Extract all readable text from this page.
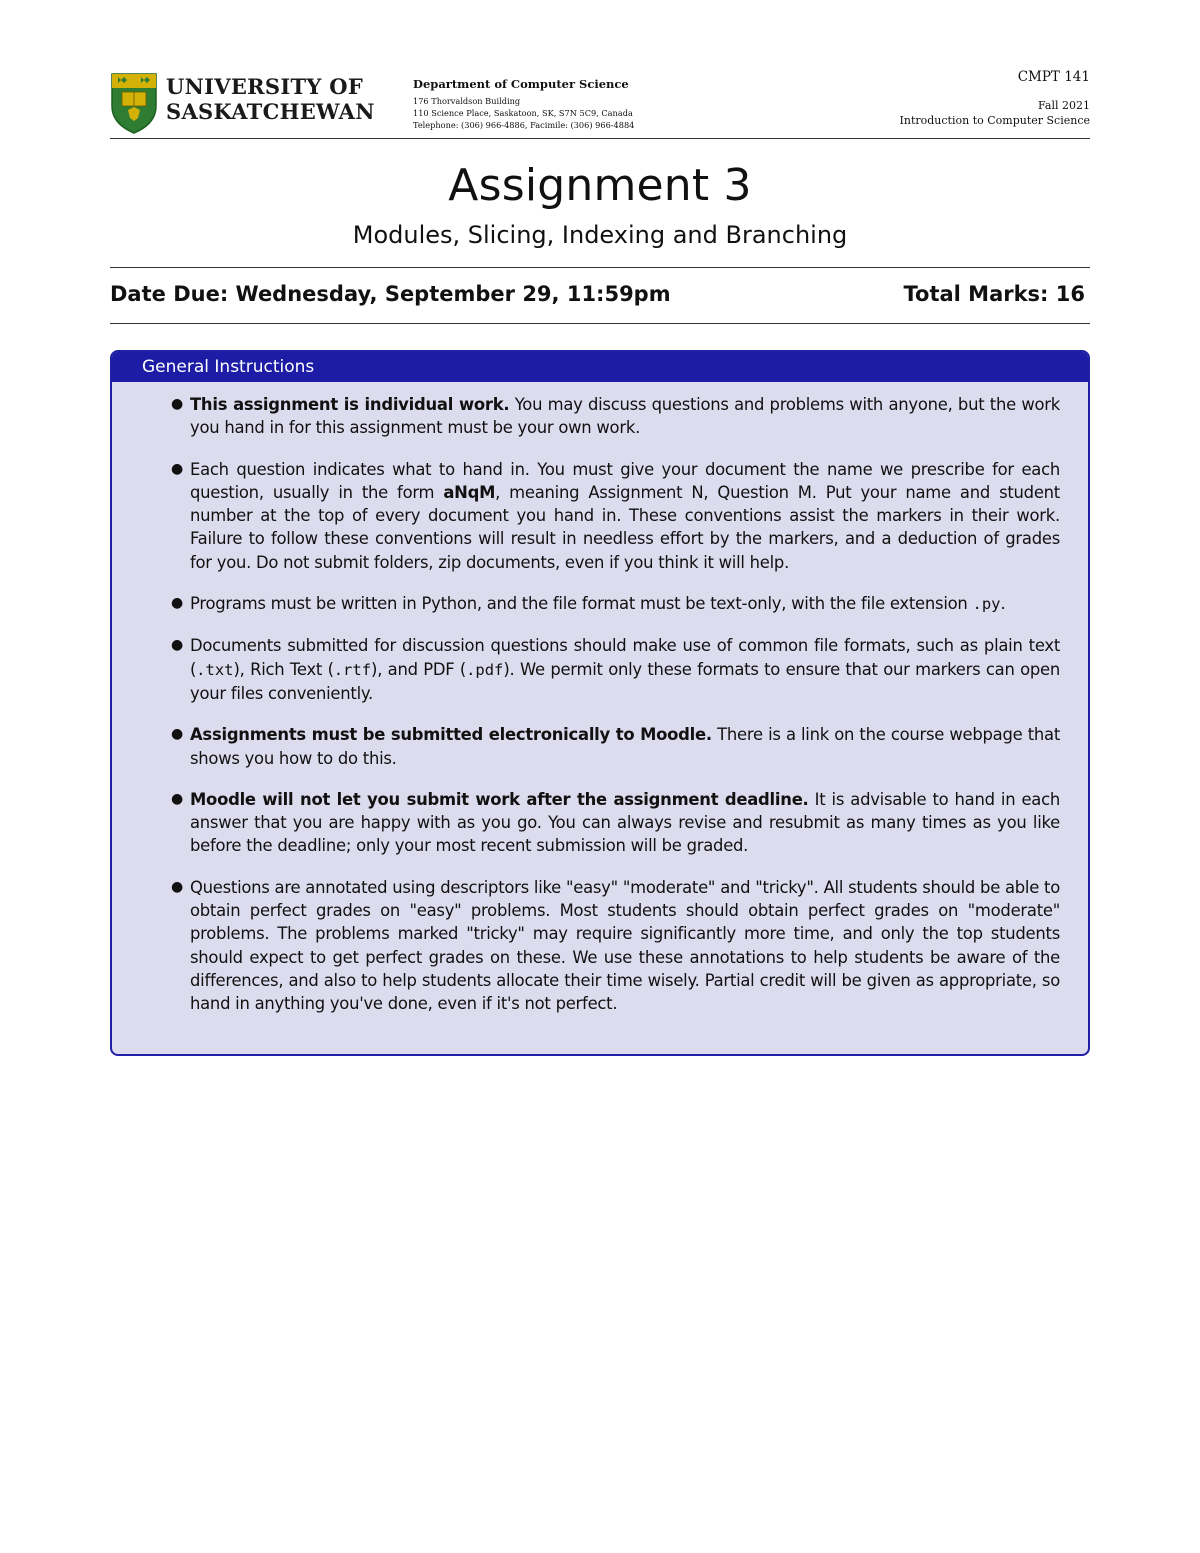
UNIVERSITY OF
SASKATCHEWAN
Department of Computer Science
176 Thorvaldson Building
110 Science Place, Saskatoon, SK, S7N 5C9, Canada
Telephone: (306) 966-4886, Facimile: (306) 966-4884
CMPT 141
Fall 2021
Introduction to Computer Science
Assignment 3
Modules, Slicing, Indexing and Branching
Date Due: Wednesday, September 29, 11:59pm	Total Marks: 16
General Instructions
● This assignment is individual work. You may discuss questions and problems with anyone, but the work you hand in for this assignment must be your own work.
● Each question indicates what to hand in. You must give your document the name we prescribe for each question, usually in the form aNqM, meaning Assignment N, Question M. Put your name and student number at the top of every document you hand in. These conventions assist the markers in their work. Failure to follow these conventions will result in needless effort by the markers, and a deduction of grades for you. Do not submit folders, zip documents, even if you think it will help.
● Programs must be written in Python, and the file format must be text-only, with the file extension .py.
● Documents submitted for discussion questions should make use of common file formats, such as plain text (.txt), Rich Text (.rtf), and PDF (.pdf). We permit only these formats to ensure that our markers can open your files conveniently.
● Assignments must be submitted electronically to Moodle. There is a link on the course webpage that shows you how to do this.
● Moodle will not let you submit work after the assignment deadline. It is advisable to hand in each answer that you are happy with as you go. You can always revise and resubmit as many times as you like before the deadline; only your most recent submission will be graded.
● Questions are annotated using descriptors like "easy" "moderate" and "tricky". All students should be able to obtain perfect grades on "easy" problems. Most students should obtain perfect grades on "moderate" problems. The problems marked "tricky" may require significantly more time, and only the top students should expect to get perfect grades on these. We use these annotations to help students be aware of the differences, and also to help students allocate their time wisely. Partial credit will be given as appropriate, so hand in anything you've done, even if it's not perfect.
